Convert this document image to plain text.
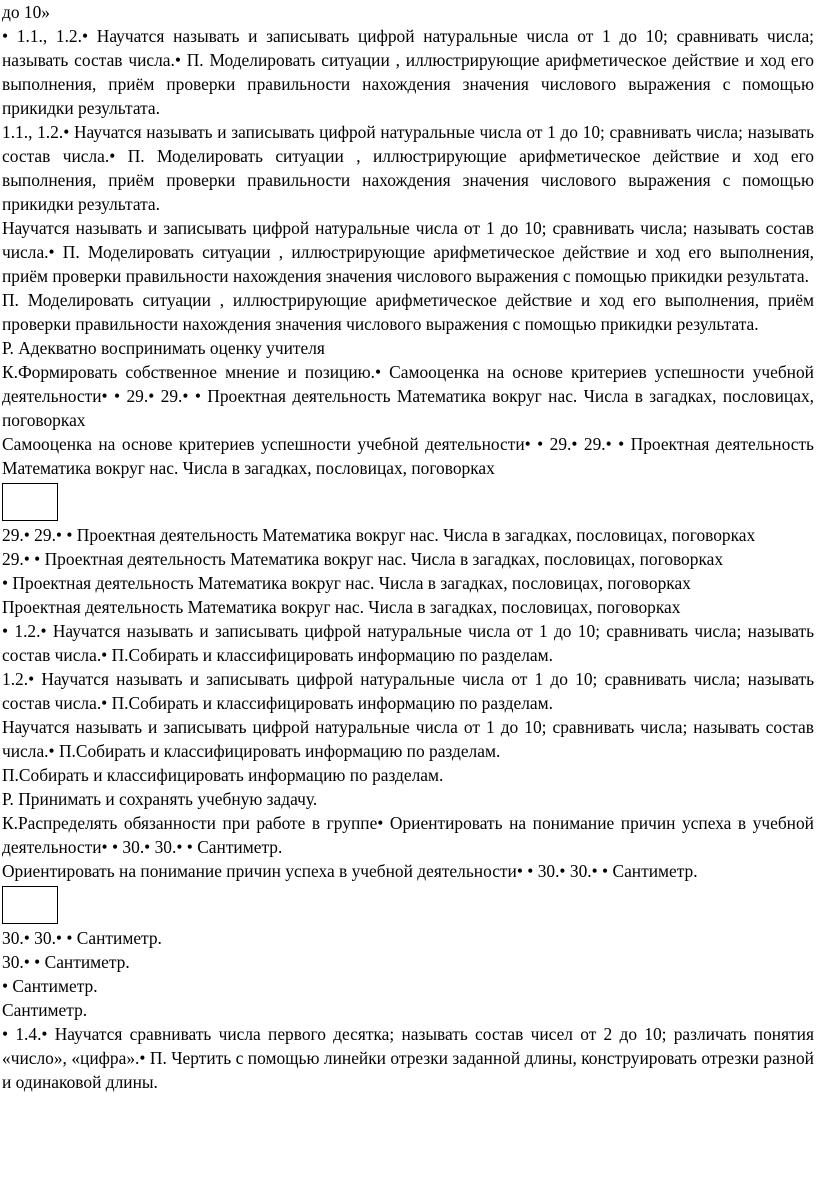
до 10»

• 1.1., 1.2.• Научатся называть и записывать цифрой натуральные числа от 1 до 10; сравнивать числа; называть состав числа.• П. Моделировать ситуации , иллюстрирующие арифметическое действие и ход его выполнения, приём проверки правильности нахождения значения числового выражения с помощью прикидки результата.

1.1., 1.2.• Научатся называть и записывать цифрой натуральные числа от 1 до 10; сравнивать числа; называть состав числа.• П. Моделировать ситуации , иллюстрирующие арифметическое действие и ход его выполнения, приём проверки правильности нахождения значения числового выражения с помощью прикидки результата.

Научатся называть и записывать цифрой натуральные числа от 1 до 10; сравнивать числа; называть состав числа.• П. Моделировать ситуации , иллюстрирующие арифметическое действие и ход его выполнения, приём проверки правильности нахождения значения числового выражения с помощью прикидки результата.

П. Моделировать ситуации , иллюстрирующие арифметическое действие и ход его выполнения, приём проверки правильности нахождения значения числового выражения с помощью прикидки результата.

Р. Адекватно воспринимать оценку учителя

К.Формировать собственное мнение и позицию.• Самооценка на основе критериев успешности учебной деятельности• • 29.• 29.• • Проектная деятельность Математика вокруг нас. Числа в загадках, пословицах, поговорках

Самооценка на основе критериев успешности учебной деятельности• • 29.• 29.• • Проектная деятельность Математика вокруг нас. Числа в загадках, пословицах, поговорках

29.• 29.• • Проектная деятельность Математика вокруг нас. Числа в загадках, пословицах, поговорках

29.• • Проектная деятельность Математика вокруг нас. Числа в загадках, пословицах, поговорках

• Проектная деятельность Математика вокруг нас. Числа в загадках, пословицах, поговорках

Проектная деятельность Математика вокруг нас. Числа в загадках, пословицах, поговорках

• 1.2.• Научатся называть и записывать цифрой натуральные числа от 1 до 10; сравнивать числа; называть состав числа.• П.Собирать и классифицировать информацию по разделам.

1.2.• Научатся называть и записывать цифрой натуральные числа от 1 до 10; сравнивать числа; называть состав числа.• П.Собирать и классифицировать информацию по разделам.

Научатся называть и записывать цифрой натуральные числа от 1 до 10; сравнивать числа; называть состав числа.• П.Собирать и классифицировать информацию по разделам.

П.Собирать и классифицировать информацию по разделам.

Р. Принимать и сохранять учебную задачу.

К.Распределять обязанности при работе в группе• Ориентировать на понимание причин успеха в учебной деятельности• • 30.• 30.• • Сантиметр.

Ориентировать на понимание причин успеха в учебной деятельности• • 30.• 30.• • Сантиметр.

30.• 30.• • Сантиметр.

30.• • Сантиметр.

• Сантиметр.

Сантиметр.

• 1.4.• Научатся сравнивать числа первого десятка; называть состав чисел от 2 до 10; различать понятия «число», «цифра».• П. Чертить с помощью линейки отрезки заданной длины, конструировать отрезки разной и одинаковой длины.
